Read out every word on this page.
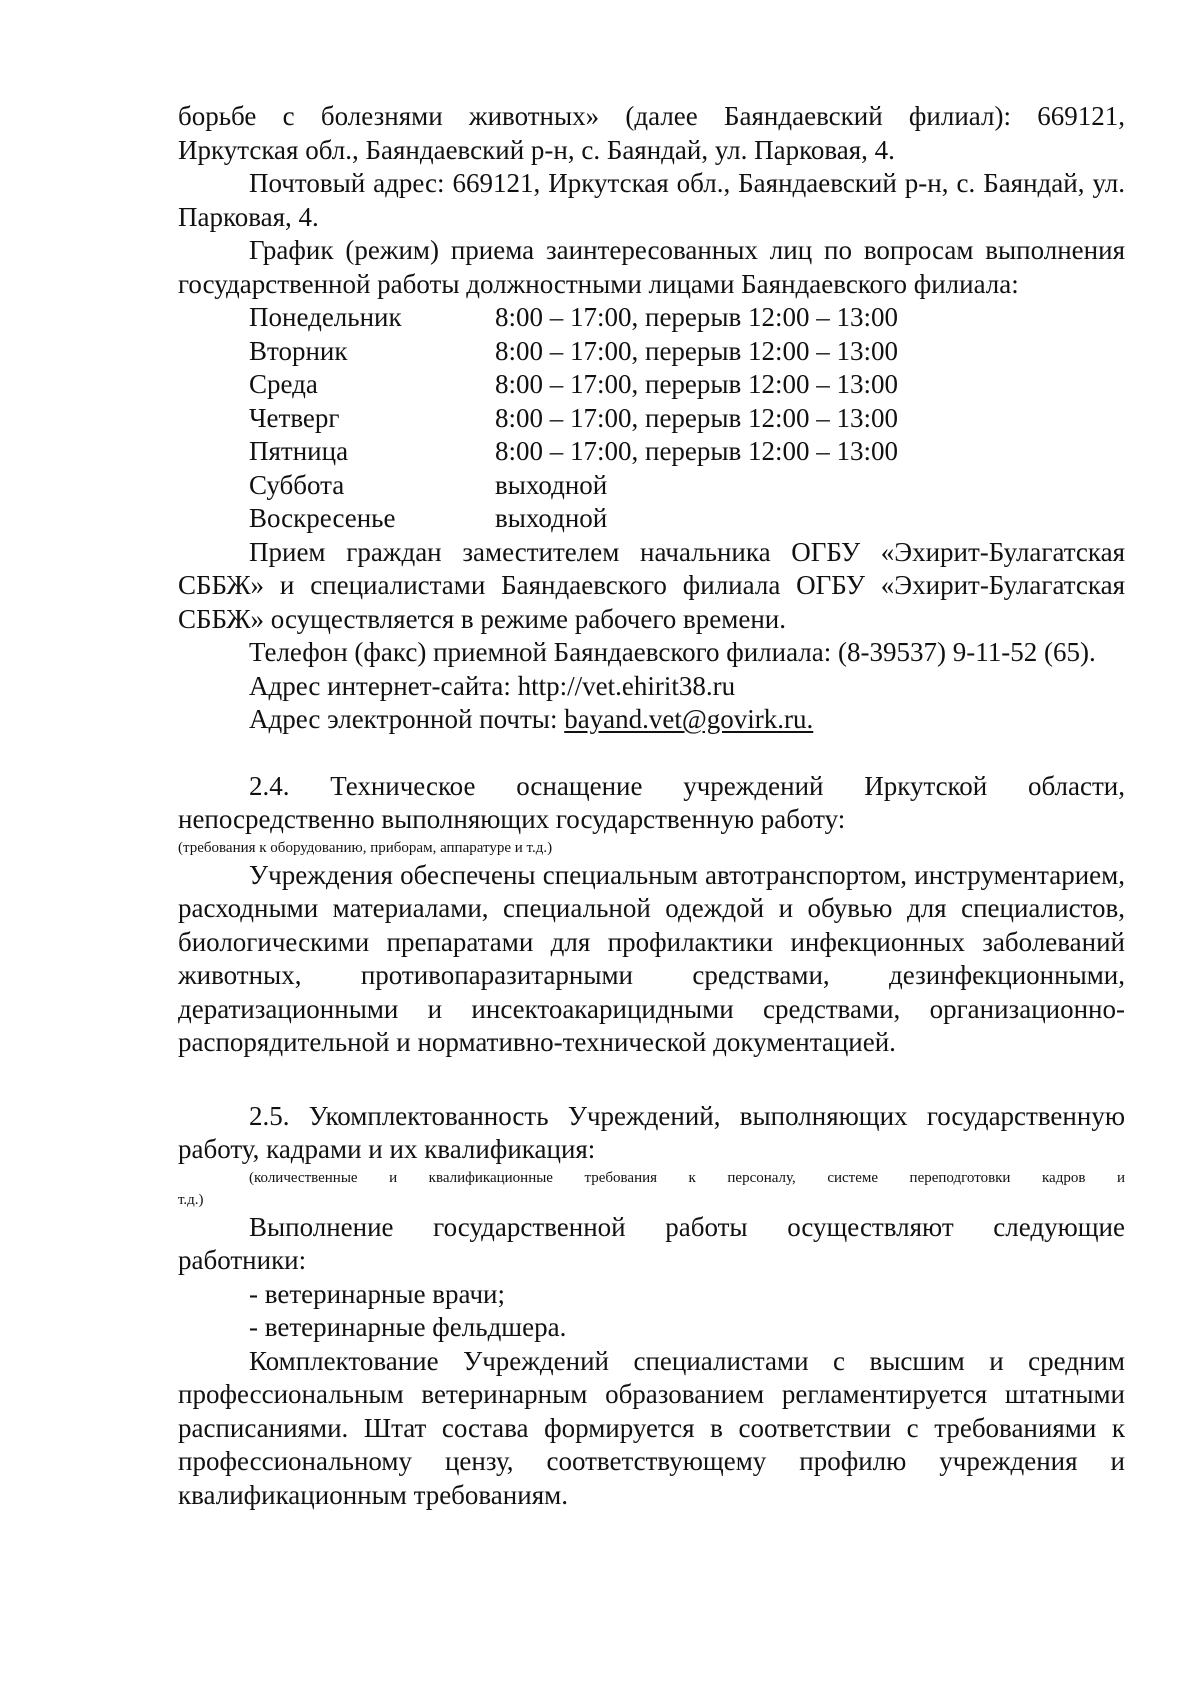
борьбе с болезнями животных» (далее Баяндаевский филиал): 669121,

Иркутская обл., Баяндаевский р-н, с. Баяндай, ул. Парковая, 4.

Почтовый адрес: 669121, Иркутская обл., Баяндаевский р-н, с. Баяндай, ул. Парковая, 4.

График (режим) приема заинтересованных лиц по вопросам выполнения государственной работы должностными лицами Баяндаевского филиала:

Понедельник	8:00 – 17:00, перерыв 12:00 – 13:00
Вторник	8:00 – 17:00, перерыв 12:00 – 13:00
Среда	8:00 – 17:00, перерыв 12:00 – 13:00
Четверг	8:00 – 17:00, перерыв 12:00 – 13:00
Пятница	8:00 – 17:00, перерыв 12:00 – 13:00
Суббота	выходной
Воскресенье	выходной

Прием граждан заместителем начальника ОГБУ «Эхирит-Булагатская СББЖ» и специалистами Баяндаевского филиала ОГБУ «Эхирит-Булагатская СББЖ» осуществляется в режиме рабочего времени.

Телефон (факс) приемной Баяндаевского филиала: (8-39537) 9-11-52 (65).

Адрес интернет-сайта: http://vet.ehirit38.ru

Адрес электронной почты: bayand.vet@govirk.ru.

2.4. Техническое оснащение учреждений Иркутской области, непосредственно выполняющих государственную работу:

(требования к оборудованию, приборам, аппаратуре и т.д.)

Учреждения обеспечены специальным автотранспортом, инструментарием, расходными материалами, специальной одеждой и обувью для специалистов, биологическими препаратами для профилактики инфекционных заболеваний животных, противопаразитарными средствами, дезинфекционными, дератизационными и инсектоакарицидными средствами, организационно-распорядительной и нормативно-технической документацией.

2.5. Укомплектованность Учреждений, выполняющих государственную работу, кадрами и их квалификация:

(количественные и квалификационные требования к персоналу, системе переподготовки кадров и

т.д.)

Выполнение государственной работы осуществляют следующие работники:

- ветеринарные врачи;

- ветеринарные фельдшера.

Комплектование Учреждений специалистами с высшим и средним профессиональным ветеринарным образованием регламентируется штатными расписаниями. Штат состава формируется в соответствии с требованиями к профессиональному цензу, соответствующему профилю учреждения и квалификационным требованиям.
